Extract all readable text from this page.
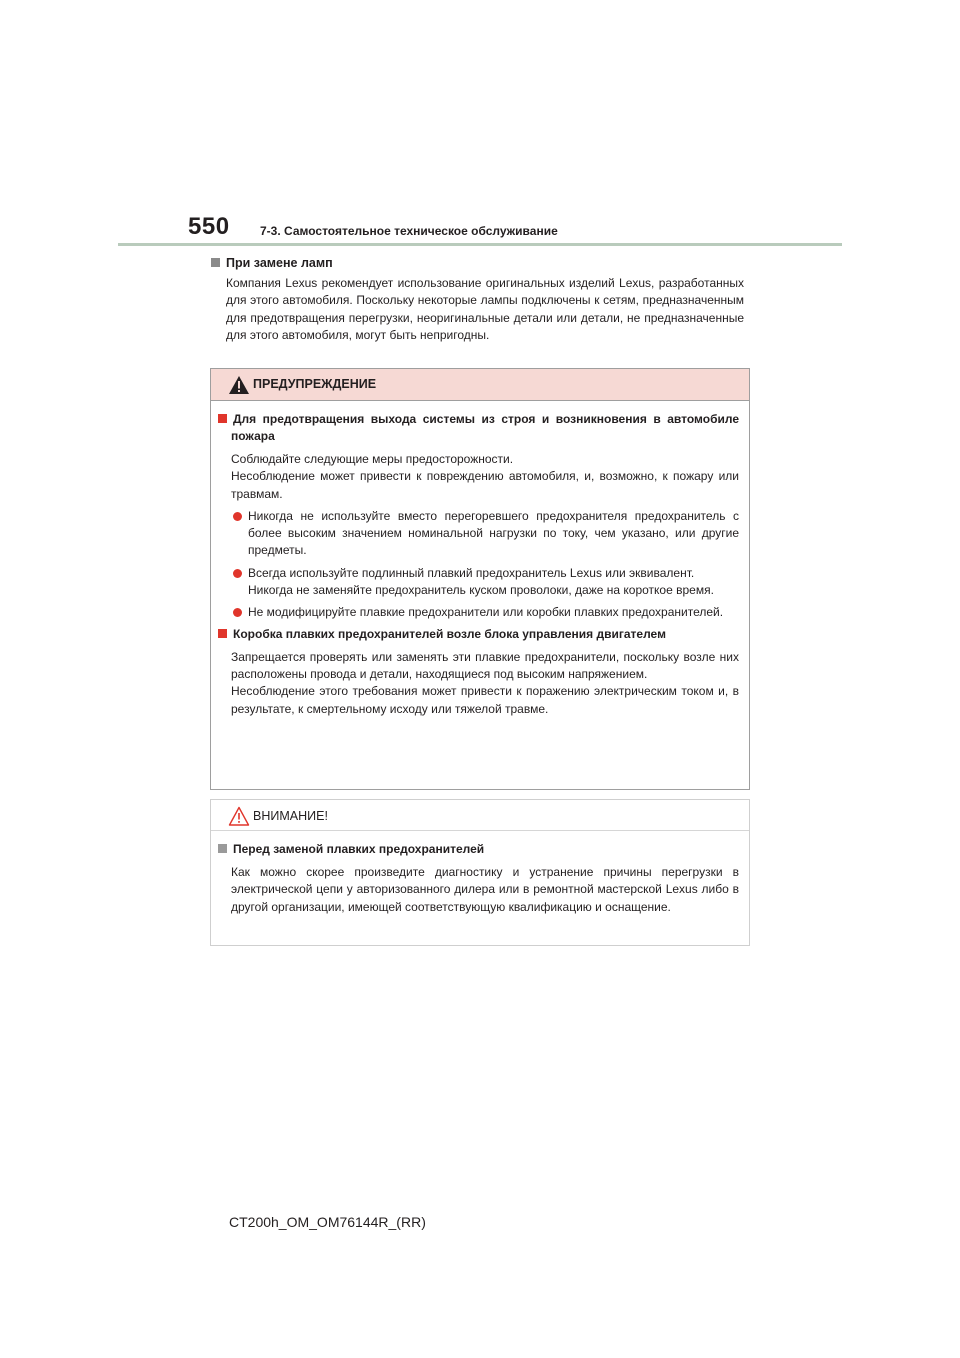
550	7-3. Самостоятельное техническое обслуживание
При замене ламп

Компания Lexus рекомендует использование оригинальных изделий Lexus, разработанных для этого автомобиля. Поскольку некоторые лампы подключены к сетям, предназначенным для предотвращения перегрузки, неоригинальные детали или детали, не предназначенные для этого автомобиля, могут быть непригодны.

ПРЕДУПРЕЖДЕНИЕ
Для предотвращения выхода системы из строя и возникновения в автомобиле пожара

Соблюдайте следующие меры предосторожности.

Несоблюдение может привести к повреждению автомобиля, и, возможно, к пожару или травмам.

Никогда не используйте вместо перегоревшего предохранителя предохранитель с более высоким значением номинальной нагрузки по току, чем указано, или другие предметы.
Всегда используйте подлинный плавкий предохранитель Lexus или эквивалент.

Никогда не заменяйте предохранитель куском проволоки, даже на короткое время.

Не модифицируйте плавкие предохранители или коробки плавких предохранителей.
Коробка плавких предохранителей возле блока управления двигателем

Запрещается проверять или заменять эти плавкие предохранители, поскольку возле них расположены провода и детали, находящиеся под высоким напряжением.

Несоблюдение этого требования может привести к поражению электрическим током и, в результате, к смертельному исходу или тяжелой травме.

ВНИМАНИЕ!
Перед заменой плавких предохранителей

Как можно скорее произведите диагностику и устранение причины перегрузки в электрической цепи у авторизованного дилера или в ремонтной мастерской Lexus либо в другой организации, имеющей соответствующую квалификацию и оснащение.

CT200h_OM_OM76144R_(RR)
